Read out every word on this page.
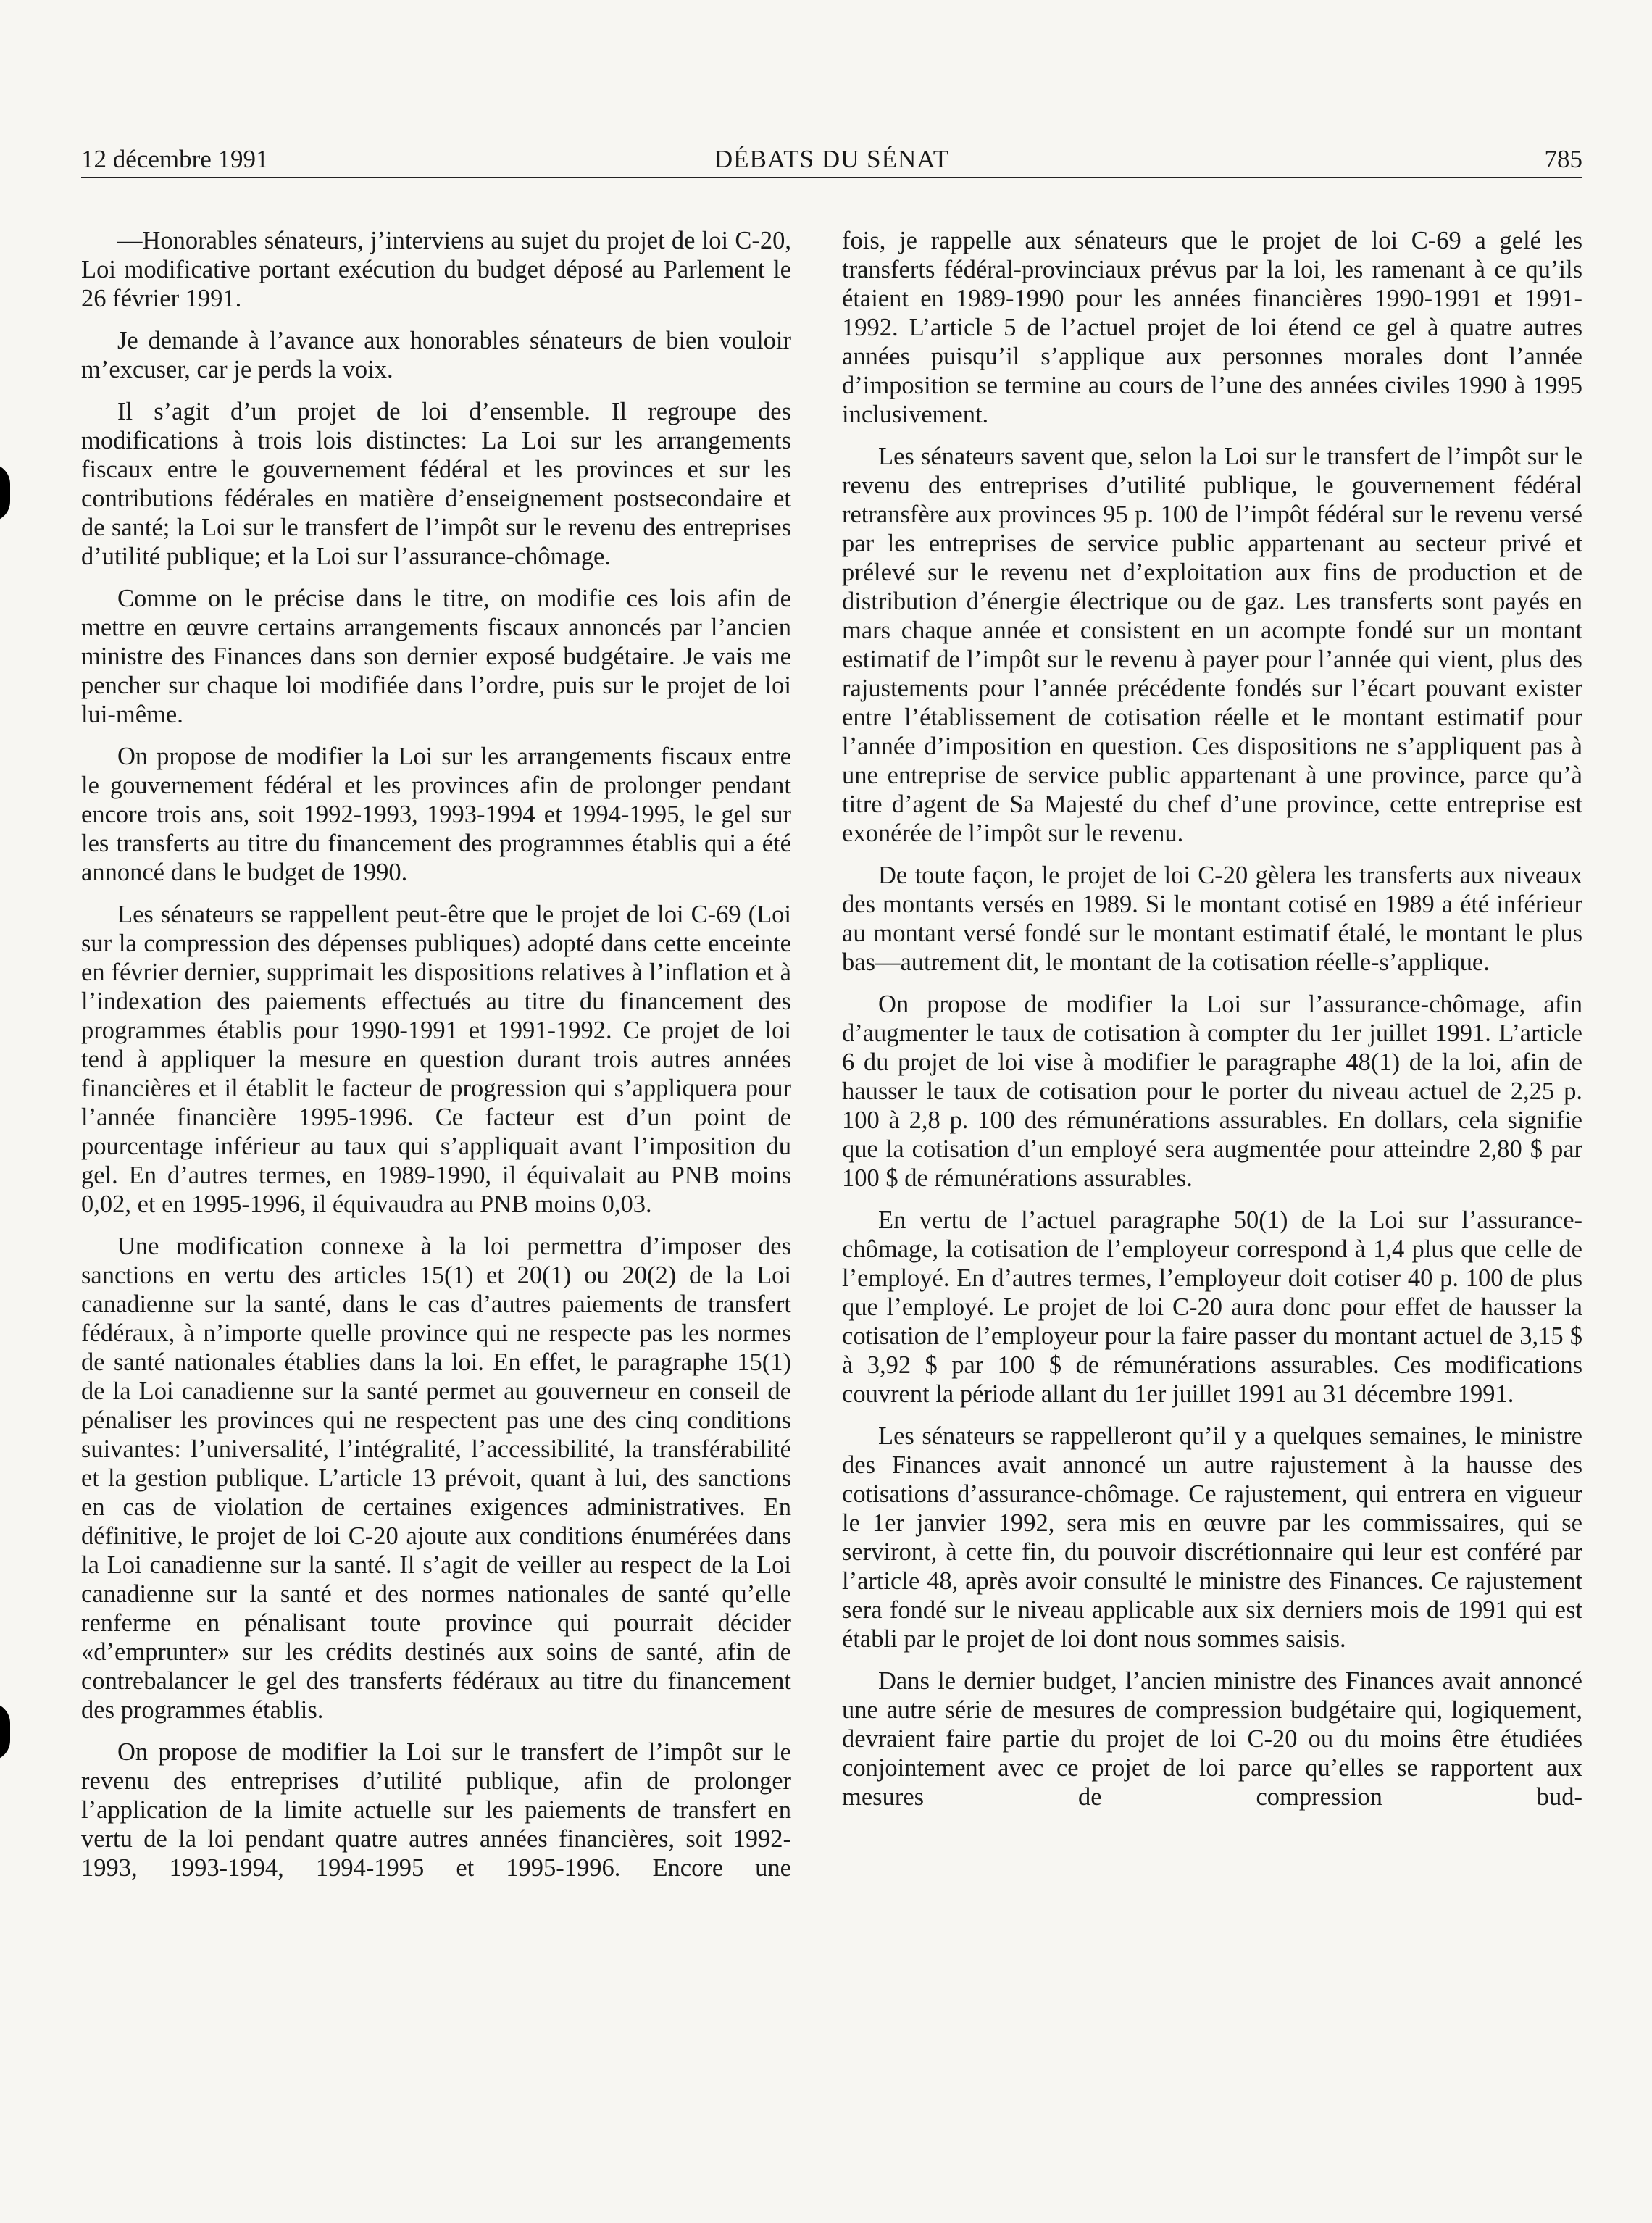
12 décembre 1991	DÉBATS DU SÉNAT	785

—Honorables sénateurs, j’interviens au sujet du projet de loi C-20, Loi modificative portant exécution du budget déposé au Parlement le 26 février 1991.

Je demande à l’avance aux honorables sénateurs de bien vouloir m’excuser, car je perds la voix.

Il s’agit d’un projet de loi d’ensemble. Il regroupe des modifications à trois lois distinctes: La Loi sur les arrangements fiscaux entre le gouvernement fédéral et les provinces et sur les contributions fédérales en matière d’enseignement postsecondaire et de santé; la Loi sur le transfert de l’impôt sur le revenu des entreprises d’utilité publique; et la Loi sur l’assurance-chômage.

Comme on le précise dans le titre, on modifie ces lois afin de mettre en œuvre certains arrangements fiscaux annoncés par l’ancien ministre des Finances dans son dernier exposé budgétaire. Je vais me pencher sur chaque loi modifiée dans l’ordre, puis sur le projet de loi lui-même.

On propose de modifier la Loi sur les arrangements fiscaux entre le gouvernement fédéral et les provinces afin de prolonger pendant encore trois ans, soit 1992-1993, 1993-1994 et 1994-1995, le gel sur les transferts au titre du financement des programmes établis qui a été annoncé dans le budget de 1990.

Les sénateurs se rappellent peut-être que le projet de loi C-69 (Loi sur la compression des dépenses publiques) adopté dans cette enceinte en février dernier, supprimait les dispositions relatives à l’inflation et à l’indexation des paiements effectués au titre du financement des programmes établis pour 1990-1991 et 1991-1992. Ce projet de loi tend à appliquer la mesure en question durant trois autres années financières et il établit le facteur de progression qui s’appliquera pour l’année financière 1995-1996. Ce facteur est d’un point de pourcentage inférieur au taux qui s’appliquait avant l’imposition du gel. En d’autres termes, en 1989-1990, il équivalait au PNB moins 0,02, et en 1995-1996, il équivaudra au PNB moins 0,03.

Une modification connexe à la loi permettra d’imposer des sanctions en vertu des articles 15(1) et 20(1) ou 20(2) de la Loi canadienne sur la santé, dans le cas d’autres paiements de transfert fédéraux, à n’importe quelle province qui ne respecte pas les normes de santé nationales établies dans la loi. En effet, le paragraphe 15(1) de la Loi canadienne sur la santé permet au gouverneur en conseil de pénaliser les provinces qui ne respectent pas une des cinq conditions suivantes: l’universalité, l’intégralité, l’accessibilité, la transférabilité et la gestion publique. L’article 13 prévoit, quant à lui, des sanctions en cas de violation de certaines exigences administratives. En définitive, le projet de loi C-20 ajoute aux conditions énumérées dans la Loi canadienne sur la santé. Il s’agit de veiller au respect de la Loi canadienne sur la santé et des normes nationales de santé qu’elle renferme en pénalisant toute province qui pourrait décider «d’emprunter» sur les crédits destinés aux soins de santé, afin de contrebalancer le gel des transferts fédéraux au titre du financement des programmes établis.

On propose de modifier la Loi sur le transfert de l’impôt sur le revenu des entreprises d’utilité publique, afin de prolonger l’application de la limite actuelle sur les paiements de transfert en vertu de la loi pendant quatre autres années financières, soit 1992-1993, 1993-1994, 1994-1995 et 1995-1996. Encore une

fois, je rappelle aux sénateurs que le projet de loi C-69 a gelé les transferts fédéral-provinciaux prévus par la loi, les ramenant à ce qu’ils étaient en 1989-1990 pour les années financières 1990-1991 et 1991-1992. L’article 5 de l’actuel projet de loi étend ce gel à quatre autres années puisqu’il s’applique aux personnes morales dont l’année d’imposition se termine au cours de l’une des années civiles 1990 à 1995 inclusivement.

Les sénateurs savent que, selon la Loi sur le transfert de l’impôt sur le revenu des entreprises d’utilité publique, le gouvernement fédéral retransfère aux provinces 95 p. 100 de l’impôt fédéral sur le revenu versé par les entreprises de service public appartenant au secteur privé et prélevé sur le revenu net d’exploitation aux fins de production et de distribution d’énergie électrique ou de gaz. Les transferts sont payés en mars chaque année et consistent en un acompte fondé sur un montant estimatif de l’impôt sur le revenu à payer pour l’année qui vient, plus des rajustements pour l’année précédente fondés sur l’écart pouvant exister entre l’établissement de cotisation réelle et le montant estimatif pour l’année d’imposition en question. Ces dispositions ne s’appliquent pas à une entreprise de service public appartenant à une province, parce qu’à titre d’agent de Sa Majesté du chef d’une province, cette entreprise est exonérée de l’impôt sur le revenu.

De toute façon, le projet de loi C-20 gèlera les transferts aux niveaux des montants versés en 1989. Si le montant cotisé en 1989 a été inférieur au montant versé fondé sur le montant estimatif étalé, le montant le plus bas—autrement dit, le montant de la cotisation réelle-s’applique.

On propose de modifier la Loi sur l’assurance-chômage, afin d’augmenter le taux de cotisation à compter du 1er juillet 1991. L’article 6 du projet de loi vise à modifier le paragraphe 48(1) de la loi, afin de hausser le taux de cotisation pour le porter du niveau actuel de 2,25 p. 100 à 2,8 p. 100 des rémunérations assurables. En dollars, cela signifie que la cotisation d’un employé sera augmentée pour atteindre 2,80 $ par 100 $ de rémunérations assurables.

En vertu de l’actuel paragraphe 50(1) de la Loi sur l’assurance-chômage, la cotisation de l’employeur correspond à 1,4 plus que celle de l’employé. En d’autres termes, l’employeur doit cotiser 40 p. 100 de plus que l’employé. Le projet de loi C-20 aura donc pour effet de hausser la cotisation de l’employeur pour la faire passer du montant actuel de 3,15 $ à 3,92 $ par 100 $ de rémunérations assurables. Ces modifications couvrent la période allant du 1er juillet 1991 au 31 décembre 1991.

Les sénateurs se rappelleront qu’il y a quelques semaines, le ministre des Finances avait annoncé un autre rajustement à la hausse des cotisations d’assurance-chômage. Ce rajustement, qui entrera en vigueur le 1er janvier 1992, sera mis en œuvre par les commissaires, qui se serviront, à cette fin, du pouvoir discrétionnaire qui leur est conféré par l’article 48, après avoir consulté le ministre des Finances. Ce rajustement sera fondé sur le niveau applicable aux six derniers mois de 1991 qui est établi par le projet de loi dont nous sommes saisis.

Dans le dernier budget, l’ancien ministre des Finances avait annoncé une autre série de mesures de compression budgétaire qui, logiquement, devraient faire partie du projet de loi C-20 ou du moins être étudiées conjointement avec ce projet de loi parce qu’elles se rapportent aux mesures de compression bud-
